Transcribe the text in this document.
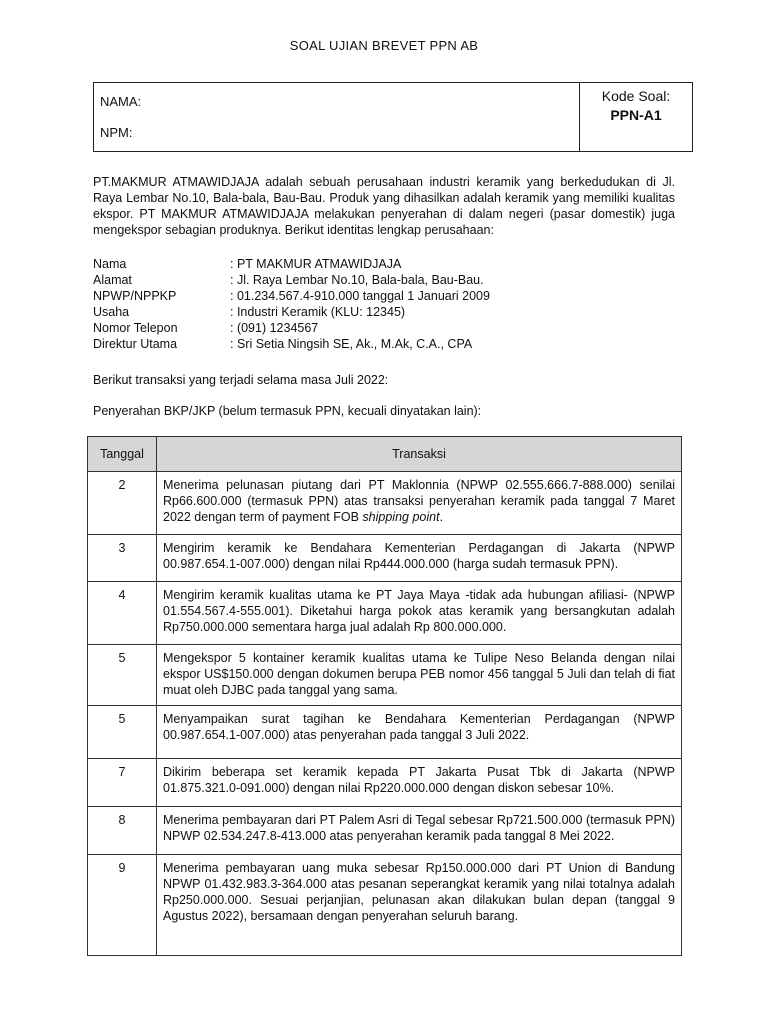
SOAL UJIAN BREVET PPN AB
NAMA:
NPM:
Kode Soal:
PPN-A1
PT.MAKMUR ATMAWIDJAJA adalah sebuah perusahaan industri keramik yang berkedudukan di Jl. Raya Lembar No.10, Bala-bala, Bau-Bau. Produk yang dihasilkan adalah keramik yang memiliki kualitas ekspor. PT MAKMUR ATMAWIDJAJA melakukan penyerahan di dalam negeri (pasar domestik) juga mengekspor sebagian produknya. Berikut identitas lengkap perusahaan:
Nama	: PT MAKMUR ATMAWIDJAJA
Alamat	: Jl. Raya Lembar No.10, Bala-bala, Bau-Bau.
NPWP/NPPKP	: 01.234.567.4-910.000 tanggal 1 Januari 2009
Usaha	: Industri Keramik (KLU: 12345)
Nomor Telepon	: (091) 1234567
Direktur Utama	: Sri Setia Ningsih SE, Ak., M.Ak, C.A., CPA
Berikut transaksi yang terjadi selama masa Juli 2022:
Penyerahan BKP/JKP (belum termasuk PPN, kecuali dinyatakan lain):
Tanggal	Transaksi
2	Menerima pelunasan piutang dari PT Maklonnia (NPWP 02.555.666.7-888.000) senilai Rp66.600.000 (termasuk PPN) atas transaksi penyerahan keramik pada tanggal 7 Maret 2022 dengan term of payment FOB shipping point.
3	Mengirim keramik ke Bendahara Kementerian Perdagangan di Jakarta (NPWP 00.987.654.1-007.000) dengan nilai Rp444.000.000 (harga sudah termasuk PPN).
4	Mengirim keramik kualitas utama ke PT Jaya Maya -tidak ada hubungan afiliasi- (NPWP 01.554.567.4-555.001). Diketahui harga pokok atas keramik yang bersangkutan adalah Rp750.000.000 sementara harga jual adalah Rp 800.000.000.
5	Mengekspor 5 kontainer keramik kualitas utama ke Tulipe Neso Belanda dengan nilai ekspor US$150.000 dengan dokumen berupa PEB nomor 456 tanggal 5 Juli dan telah di fiat muat oleh DJBC pada tanggal yang sama.
5	Menyampaikan surat tagihan ke Bendahara Kementerian Perdagangan (NPWP 00.987.654.1-007.000) atas penyerahan pada tanggal 3 Juli 2022.
7	Dikirim beberapa set keramik kepada PT Jakarta Pusat Tbk di Jakarta (NPWP 01.875.321.0-091.000) dengan nilai Rp220.000.000 dengan diskon sebesar 10%.
8	Menerima pembayaran dari PT Palem Asri di Tegal sebesar Rp721.500.000 (termasuk PPN) NPWP 02.534.247.8-413.000 atas penyerahan keramik pada tanggal 8 Mei 2022.
9	Menerima pembayaran uang muka sebesar Rp150.000.000 dari PT Union di Bandung NPWP 01.432.983.3-364.000 atas pesanan seperangkat keramik yang nilai totalnya adalah Rp250.000.000. Sesuai perjanjian, pelunasan akan dilakukan bulan depan (tanggal 9 Agustus 2022), bersamaan dengan penyerahan seluruh barang.
